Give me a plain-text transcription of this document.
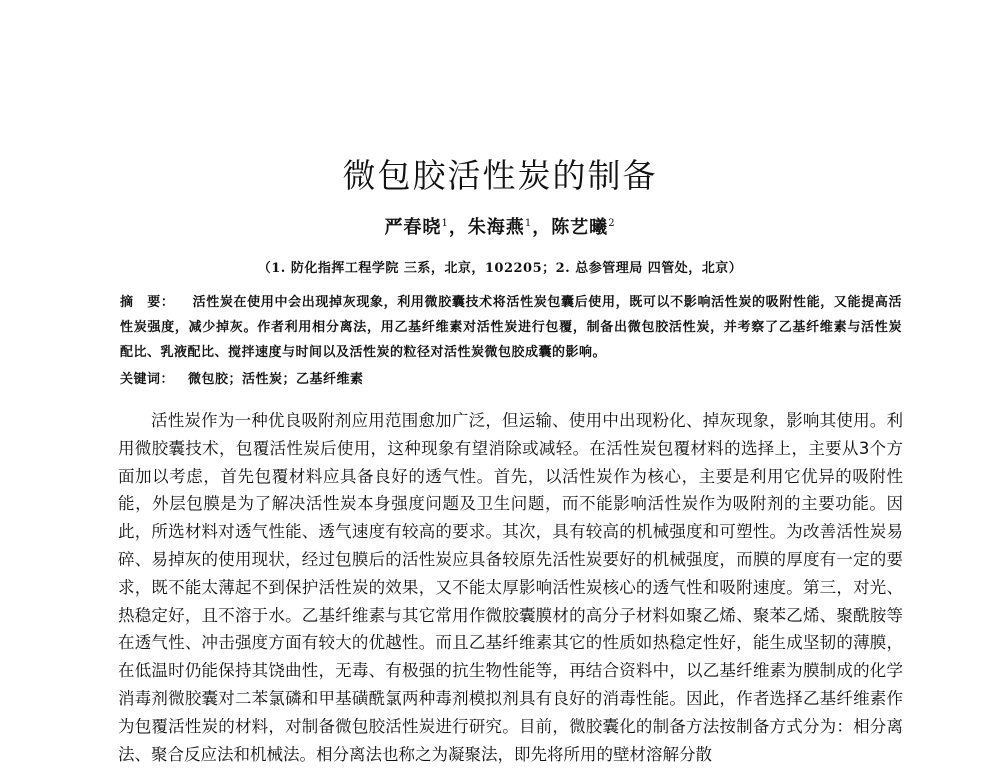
微包胶活性炭的制备
严春晓$^1$，朱海燕$^1$，陈艺曦$^2$
（1. 防化指挥工程学院 三系，北京，102205；2. 总参管理局 四管处，北京）
摘　要： 活性炭在使用中会出现掉灰现象，利用微胶囊技术将活性炭包囊后使用，既可以不影响活性炭的吸附性能，又能提高活性炭强度，减少掉灰。作者利用相分离法，用乙基纤维素对活性炭进行包覆，制备出微包胶活性炭，并考察了乙基纤维素与活性炭配比、乳液配比、搅拌速度与时间以及活性炭的粒径对活性炭微包胶成囊的影响。
关键词： 微包胶；活性炭；乙基纤维素

活性炭作为一种优良吸附剂应用范围愈加广泛，但运输、使用中出现粉化、掉灰现象，影响其使用。利用微胶囊技术，包覆活性炭后使用，这种现象有望消除或减轻。在活性炭包覆材料的选择上，主要从3个方面加以考虑，首先包覆材料应具备良好的透气性。首先，以活性炭作为核心，主要是利用它优异的吸附性能，外层包膜是为了解决活性炭本身强度问题及卫生问题，而不能影响活性炭作为吸附剂的主要功能。因此，所选材料对透气性能、透气速度有较高的要求。其次，具有较高的机械强度和可塑性。为改善活性炭易碎、易掉灰的使用现状，经过包膜后的活性炭应具备较原先活性炭要好的机械强度，而膜的厚度有一定的要求，既不能太薄起不到保护活性炭的效果，又不能太厚影响活性炭核心的透气性和吸附速度。第三，对光、热稳定好，且不溶于水。乙基纤维素与其它常用作微胶囊膜材的高分子材料如聚乙烯、聚苯乙烯、聚酰胺等在透气性、冲击强度方面有较大的优越性。而且乙基纤维素其它的性质如热稳定性好，能生成坚韧的薄膜，在低温时仍能保持其饶曲性，无毒、有极强的抗生物性能等，再结合资料中，以乙基纤维素为膜制成的化学消毒剂微胶囊对二苯氯磷和甲基磺酰氯两种毒剂模拟剂具有良好的消毒性能。因此，作者选择乙基纤维素作为包覆活性炭的材料，对制备微包胶活性炭进行研究。目前，微胶囊化的制备方法按制备方式分为：相分离法、聚合反应法和机械法。相分离法也称之为凝聚法，即先将所用的壁材溶解分散
